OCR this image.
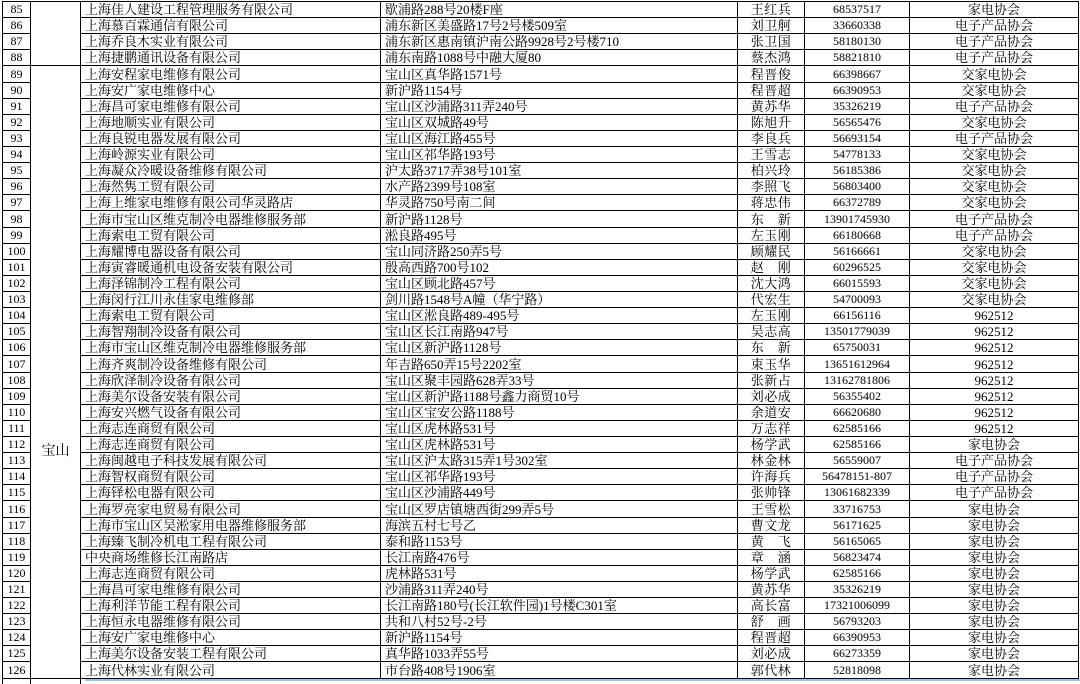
85	上海佳人建设工程管理服务有限公司	歇浦路288号20楼F座	王红兵	68537517	家电协会
86	上海慕百霖通信有限公司	浦东新区美盛路17号2号楼509室	刘卫舸	33660338	电子产品协会
87	上海乔良木实业有限公司	浦东新区惠南镇沪南公路9928号2号楼710	张卫国	58180130	电子产品协会
88	上海捷鹏通讯设备有限公司	浦东南路1088号中融大厦80	蔡杰鸿	58821810	电子产品协会
89	上海安程家电维修有限公司	宝山区真华路1571号	程晋俊	66398667	交家电协会
90	上海安广家电维修中心	新沪路1154号	程晋超	66390953	交家电协会
91	上海昌可家电维修有限公司	宝山区沙浦路311弄240号	黄苏华	35326219	电子产品协会
92	上海地顺实业有限公司	宝山区双城路49号	陈旭升	56565476	交家电协会
93	上海良锐电器发展有限公司	宝山区海江路455号	李良兵	56693154	电子产品协会
94	上海岭源实业有限公司	宝山区祁华路193号	王雪志	54778133	交家电协会
95	上海凝众冷暖设备维修有限公司	沪太路3717弄38号101室	柏兴玲	56185386	交家电协会
96	上海然隽工贸有限公司	水产路2399号108室	李照飞	56803400	交家电协会
97	上海上维家电维修有限公司华灵路店	华灵路750号南二间	蒋忠伟	66372789	交家电协会
98	上海市宝山区维克制冷电器维修服务部	新沪路1128号	东　新	13901745930	电子产品协会
99	上海索电工贸有限公司	淞良路495号	左玉刚	66180668	电子产品协会
100	上海耀博电器设备有限公司	宝山同济路250弄5号	顾耀民	56166661	交家电协会
101	上海寅睿暖通机电设备安装有限公司	殷高西路700号102	赵　刚	60296525	交家电协会
102	上海泽锦制冷工程有限公司	宝山区顾北路457号	沈大鸿	66015593	交家电协会
103	上海闵行江川永佳家电维修部	剑川路1548号A幢（华宁路）	代宏生	54700093	交家电协会
104	上海索电工贸有限公司	宝山区淞良路489-495号	左玉刚	66156116	962512
105	上海智翔制冷设备有限公司	宝山区长江南路947号	吴志高	13501779039	962512
106	上海市宝山区维克制冷电器维修服务部	宝山区新沪路1128号	东　新	65750031	962512
107	上海齐爽制冷设备维修有限公司	年吉路650弄15号2202室	束玉华	13651612964	962512
108	上海欣泽制冷设备有限公司	宝山区聚丰园路628弄33号	张新占	13162781806	962512
109	上海美尔设备安装有限公司	宝山区新沪路1188号鑫力商贸10号	刘必成	56355402	962512
110	上海安兴燃气设备有限公司	宝山区宝安公路1188号	余道安	66620680	962512
111	上海志连商贸有限公司	宝山区虎林路531号	万志祥	62585166	962512
112	上海志连商贸有限公司	宝山区虎林路531号	杨学武	62585166	家电协会
113	上海闽越电子科技发展有限公司	宝山区沪太路315弄1号302室	林金林	56559007	电子产品协会
114	上海智权商贸有限公司	宝山区祁华路193号	许海兵	56478151-807	电子产品协会
115	上海铎松电器有限公司	宝山区沙浦路449号	张帅锋	13061682339	电子产品协会
116	上海罗亮家电贸易有限公司	宝山区罗店镇塘西街299弄5号	王雪松	33716753	家电协会
117	上海市宝山区吴淞家用电器维修服务部	海滨五村七号乙	曹文龙	56171625	家电协会
118	上海臻飞制冷机电工程有限公司	泰和路1153号	黄　飞	56165065	家电协会
119	中央商场维修长江南路店	长江南路476号	章　涵	56823474	家电协会
120	上海志连商贸有限公司	虎林路531号	杨学武	62585166	家电协会
121	上海昌可家电维修有限公司	沙浦路311弄240号	黄苏华	35326219	家电协会
122	上海利洋节能工程有限公司	长江南路180号(长江软件园)1号楼C301室	高长富	17321006099	家电协会
123	上海恒永电器维修有限公司	共和八村52号-2号	舒　画	56793203	家电协会
124	上海安广家电维修中心	新沪路1154号	程晋超	66390953	家电协会
125	上海美尔设备安装工程有限公司	真华路1033弄55号	刘必成	66273359	家电协会
126	上海代林实业有限公司	市台路408号1906室	郭代林	52818098	家电协会
宝山
